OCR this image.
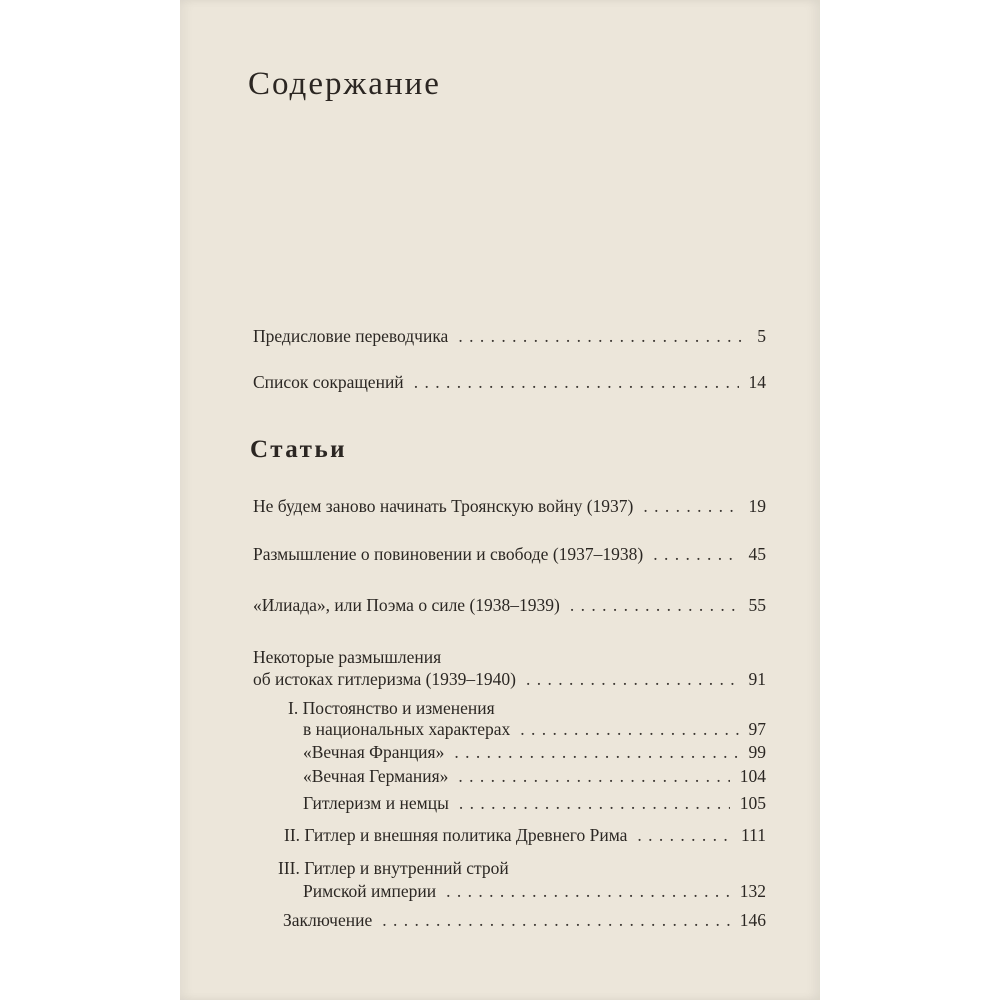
Содержание
Предисловие переводчика . . .	5
Список сокращений . . .	14
Статьи
Не будем заново начинать Троянскую войну (1937) . . .	19
Размышление о повиновении и свободе (1937–1938) . . .	45
«Илиада», или Поэма о силе (1938–1939) . . .	55
Некоторые размышления
об истоках гитлеризма (1939–1940) . . .	91
I. Постоянство и изменения
в национальных характерах . . .	97
«Вечная Франция» . . .	99
«Вечная Германия» . . .	104
Гитлеризм и немцы . . .	105
II. Гитлер и внешняя политика Древнего Рима . . .	111
III. Гитлер и внутренний строй
Римской империи . . .	132
Заключение . . .	146
